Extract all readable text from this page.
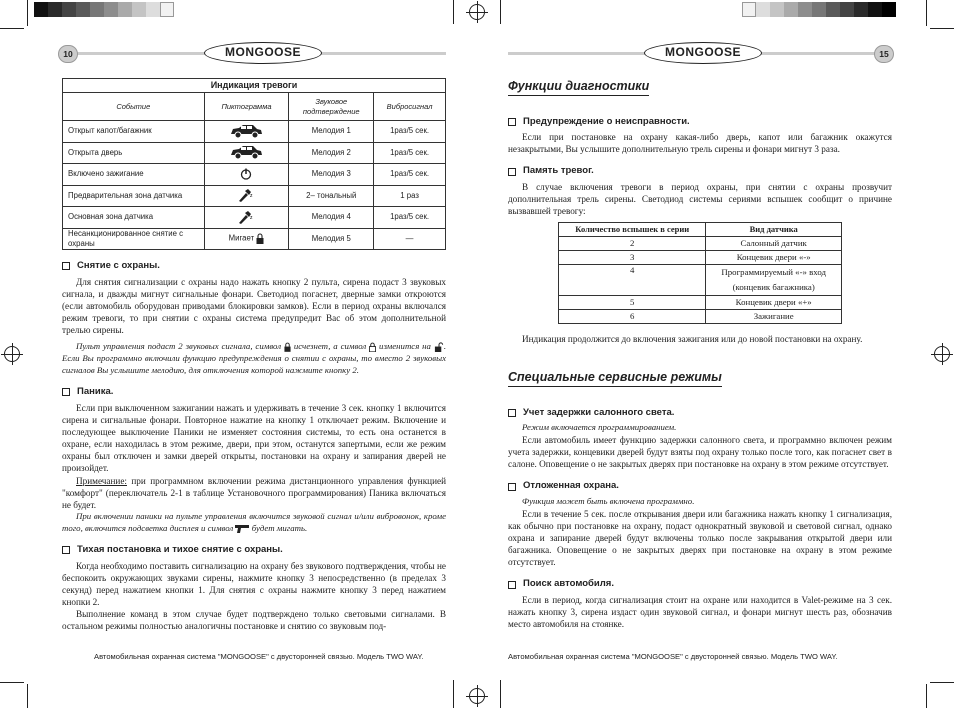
10	MONGOOSE	15
MONGOOSE
Индикация тревоги			
Событие	Пиктограмма	Звуковое подтверждение	Вибросигнал
Открыт капот/багажник		Мелодия 1	1раз/5 сек.
Открыта дверь		Мелодия 2	1раз/5 сек.
Включено зажигание		Мелодия 3	1раз/5 сек.
Предварительная зона датчика	z	2– тональный	1 раз
Основная зона датчика	z	Мелодия 4	1раз/5 сек.
Несанкционированное снятие с охраны	Мигает	Мелодия 5	—
Снятие с охраны.

Для снятия сигнализации с охраны надо нажать кнопку 2 пульта, сирена подаст 3 звуковых сигнала, и дважды мигнут сигнальные фонари. Светодиод погаснет, дверные замки откроются (если автомобиль оборудован приводами блокировки замков). Если в период охраны включался режим тревоги, то при снятии с охраны система предупредит Вас об этом дополнительной трелью сирены.

Пульт управления подаст 2 звуковых сигнала, символ исчезнет, а символ изменится на . Если Вы программно включили функцию предупреждения о снятии с охраны, то вместо 2 звуковых сигналов Вы услышите мелодию, для отключения которой нажмите кнопку 2.

Паника.

Если при выключенном зажигании нажать и удерживать в течение 3 сек. кнопку 1 включится сирена и сигнальные фонари. Повторное нажатие на кнопку 1 отключает режим. Включение и последующее выключение Паники не изменяет состояния системы, то есть она останется в охране, если находилась в этом режиме, двери, при этом, останутся запертыми, если же режим охраны был отключен и замки дверей открыты, постановки на охрану и запирания дверей не произойдет.

Примечание: при программном включении режима дистанционного управления функцией "комфорт" (переключатель 2-1 в таблице Установочного программирования) Паника включаться не будет.

При включении паники на пульте управления включится звуковой сигнал и/или вибровонок, кроме того, включится подсветка дисплея и символ будет мигать.

Тихая постановка и тихое снятие с охраны.

Когда необходимо поставить сигнализацию на охрану без звукового подтверждения, чтобы не беспокоить окружающих звуками сирены, нажмите кнопку 3 непосредственно (в пределах 3 секунд) перед нажатием кнопки 1. Для снятия с охраны нажмите кнопку 3 перед нажатием кнопки 2.

Выполнение команд в этом случае будет подтверждено только световыми сигналами. В остальном режимы полностью аналогичны постановке и снятию со звуковым под-

Автомобильная охранная система "MONGOOSE" с двусторонней связью. Модель TWO WAY.
Функции диагностики
Предупреждение о неисправности.

Если при постановке на охрану какая-либо дверь, капот или багажник окажутся незакрытыми, Вы услышите дополнительную трель сирены и фонари мигнут 3 раза.

Память тревог.

В случае включения тревоги в период охраны, при снятии с охраны прозвучит дополнительная трель сирены. Светодиод системы сериями вспышек сообщит о причине вызвавшей тревогу:

Количество вспышек в серии	Вид датчика
2	Салонный датчик
3	Концевик двери «-»
4	Программируемый «-» вход (концевик багажника)
5	Концевик двери «+»
6	Зажигание

Индикация продолжится до включения зажигания или до новой постановки на охрану.

Специальные сервисные режимы
Учет задержки салонного света.

Режим включается программированием.

Если автомобиль имеет функцию задержки салонного света, и программно включен режим учета задержки, концевики дверей будут взяты под охрану только после того, как погаснет свет в салоне. Оповещение о не закрытых дверях при постановке на охрану в этом режиме отсутствует.

Отложенная охрана.

Функция может быть включена программно.

Если в течение 5 сек. после открывания двери или багажника нажать кнопку 1 сигнализация, как обычно при постановке на охрану, подаст однократный звуковой и световой сигнал, однако охрана и запирание дверей будут включены только после закрывания открытой двери или багажника. Оповещение о не закрытых дверях при постановке на охрану в этом режиме отсутствует.

Поиск автомобиля.

Если в период, когда сигнализация стоит на охране или находится в Valet-режиме на 3 сек. нажать кнопку 3, сирена издаст один звуковой сигнал, и фонари мигнут шесть раз, обозначив место автомобиля на стоянке.

Автомобильная охранная система "MONGOOSE" с двусторонней связью. Модель TWO WAY.
